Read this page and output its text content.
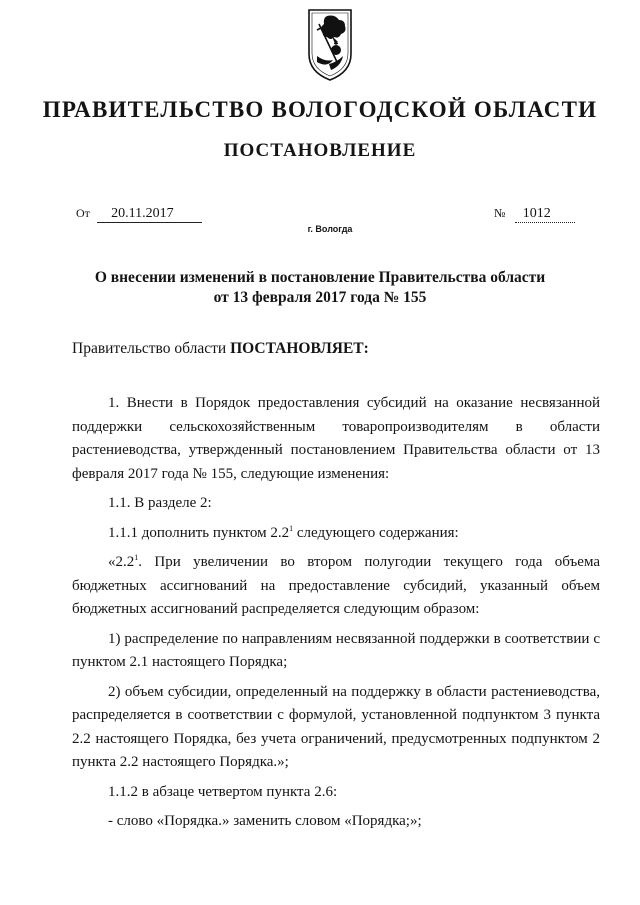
ПРАВИТЕЛЬСТВО ВОЛОГОДСКОЙ ОБЛАСТИ
ПОСТАНОВЛЕНИЕ
От 20.11.2017	№ 1012
г. Вологда
О внесении изменений в постановление Правительства области
от 13 февраля 2017 года № 155
Правительство области ПОСТАНОВЛЯЕТ:

1. Внести в Порядок предоставления субсидий на оказание несвязанной поддержки сельскохозяйственным товаропроизводителям в области растениеводства, утвержденный постановлением Правительства области от 13 февраля 2017 года № 155, следующие изменения:

1.1. В разделе 2:

1.1.1 дополнить пунктом $2.2^1$ следующего содержания:

«$2.2^1$. При увеличении во втором полугодии текущего года объема бюджетных ассигнований на предоставление субсидий, указанный объем бюджетных ассигнований распределяется следующим образом:

1) распределение по направлениям несвязанной поддержки в соответствии с пунктом 2.1 настоящего Порядка;

2) объем субсидии, определенный на поддержку в области растениеводства, распределяется в соответствии с формулой, установленной подпунктом 3 пункта 2.2 настоящего Порядка, без учета ограничений, предусмотренных подпунктом 2 пункта 2.2 настоящего Порядка.»;

1.1.2 в абзаце четвертом пункта 2.6:

- слово «Порядка.» заменить словом «Порядка;»;
